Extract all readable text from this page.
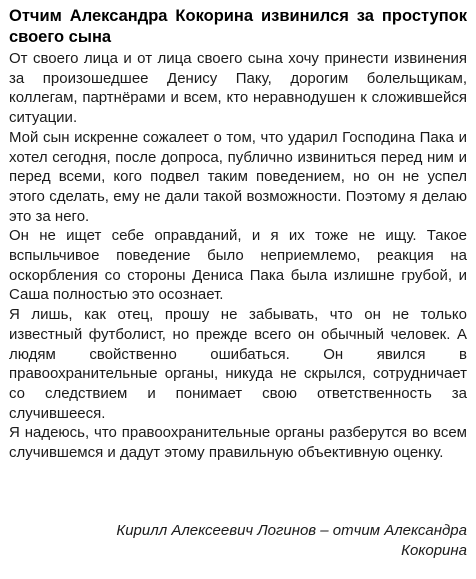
Отчим Александра Кокорина извинился за проступок своего сына

От своего лица и от лица своего сына хочу принести извинения за произошедшее Денису Паку, дорогим болельщикам, коллегам, партнёрами и всем, кто неравнодушен к сложившейся ситуации.

Мой сын искренне сожалеет о том, что ударил Господина Пака и хотел сегодня, после допроса, публично извиниться перед ним и перед всеми, кого подвел таким поведением, но он не успел этого сделать, ему не дали такой возможности. Поэтому я делаю это за него.

Он не ищет себе оправданий, и я их тоже не ищу. Такое вспыльчивое поведение было неприемлемо, реакция на оскорбления со стороны Дениса Пака была излишне грубой, и Саша полностью это осознает.

Я лишь, как отец, прошу не забывать, что он не только известный футболист, но прежде всего он обычный человек. А людям свойственно ошибаться. Он явился в правоохранительные органы, никуда не скрылся, сотрудничает со следствием и понимает свою ответственность за случившееся.

Я надеюсь, что правоохранительные органы разберутся во всем случившемся и дадут этому правильную объективную оценку.

Кирилл Алексеевич Логинов – отчим Александра Кокорина
